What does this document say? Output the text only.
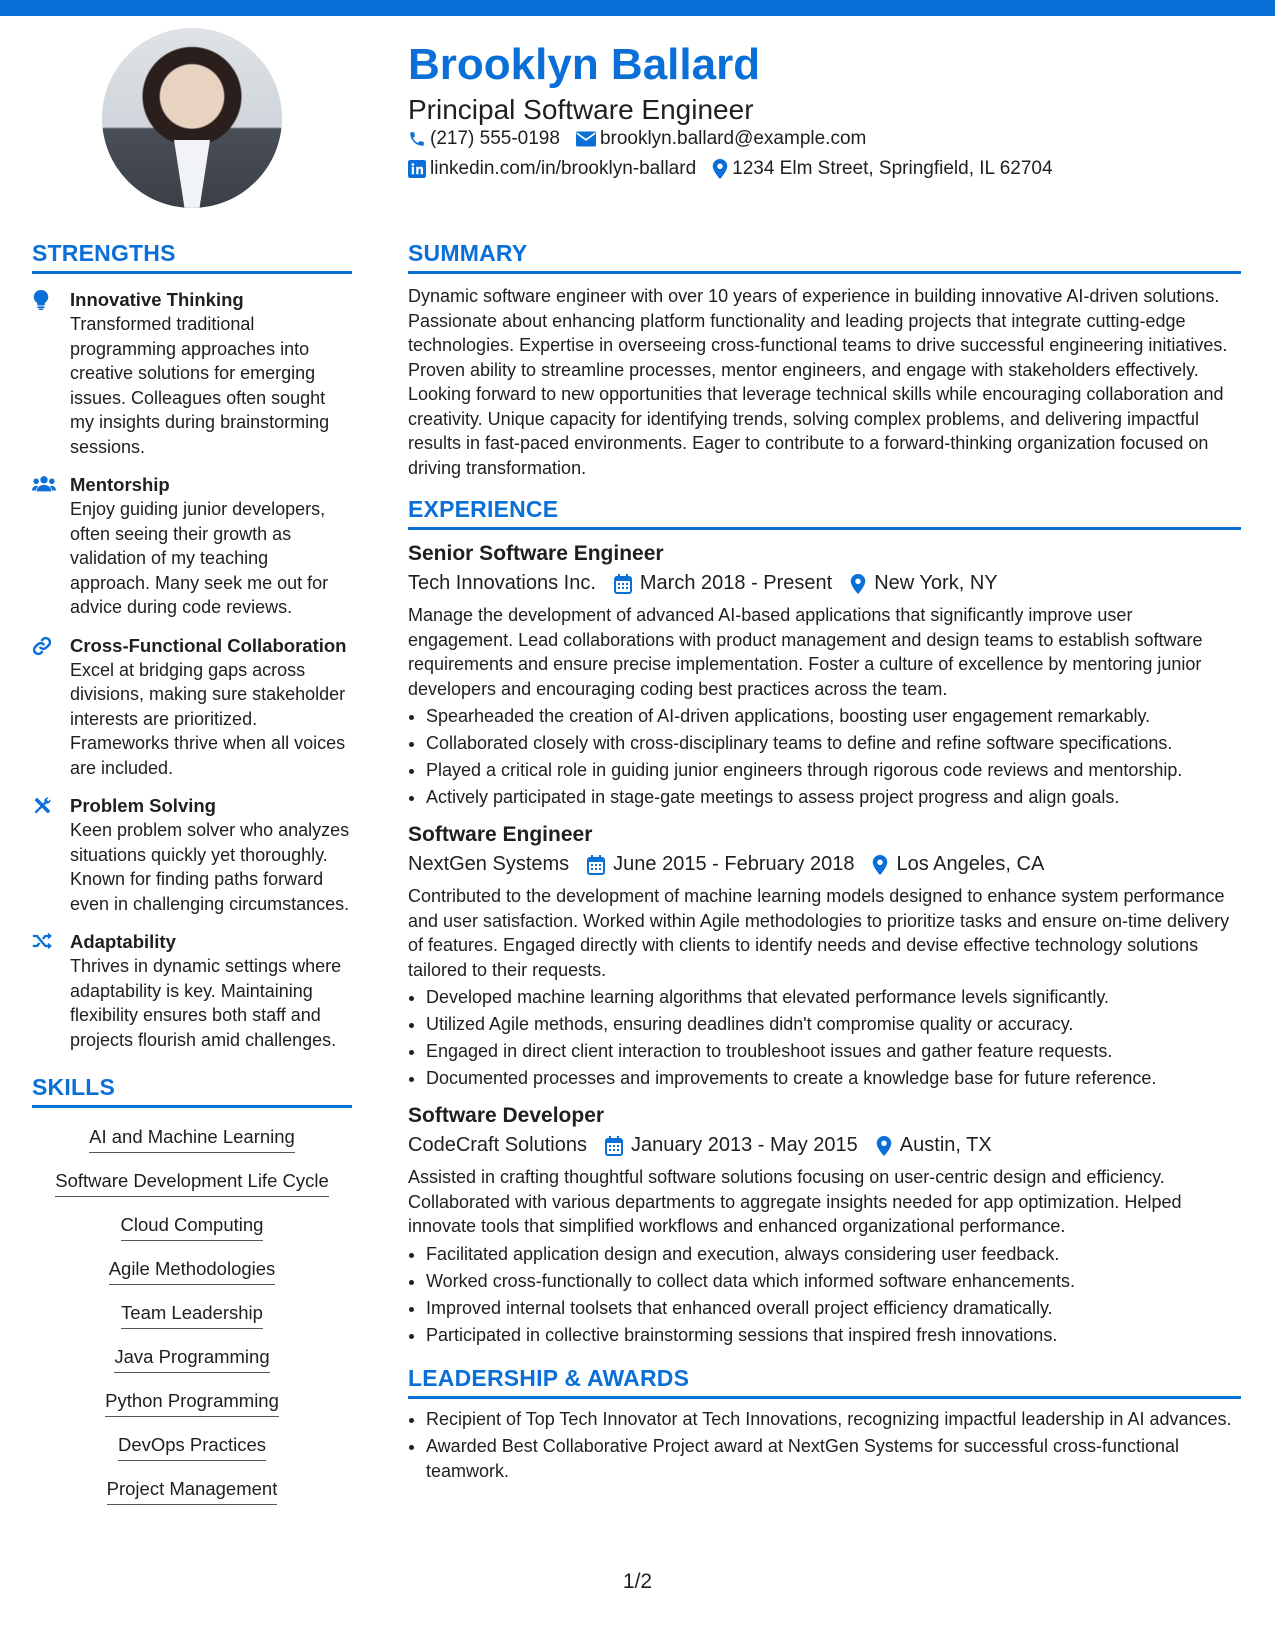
Brooklyn Ballard
Principal Software Engineer
(217) 555-0198 brooklyn.ballard@example.com
linkedin.com/in/brooklyn-ballard 1234 Elm Street, Springfield, IL 62704
STRENGTHS
Innovative Thinking
Transformed traditional programming approaches into creative solutions for emerging issues. Colleagues often sought my insights during brainstorming sessions.
Mentorship
Enjoy guiding junior developers, often seeing their growth as validation of my teaching approach. Many seek me out for advice during code reviews.
Cross-Functional Collaboration
Excel at bridging gaps across divisions, making sure stakeholder interests are prioritized. Frameworks thrive when all voices are included.
Problem Solving
Keen problem solver who analyzes situations quickly yet thoroughly. Known for finding paths forward even in challenging circumstances.
Adaptability
Thrives in dynamic settings where adaptability is key. Maintaining flexibility ensures both staff and projects flourish amid challenges.
SKILLS
AI and Machine Learning
Software Development Life Cycle
Cloud Computing
Agile Methodologies
Team Leadership
Java Programming
Python Programming
DevOps Practices
Project Management
SUMMARY
Dynamic software engineer with over 10 years of experience in building innovative AI-driven solutions. Passionate about enhancing platform functionality and leading projects that integrate cutting-edge technologies. Expertise in overseeing cross-functional teams to drive successful engineering initiatives. Proven ability to streamline processes, mentor engineers, and engage with stakeholders effectively. Looking forward to new opportunities that leverage technical skills while encouraging collaboration and creativity. Unique capacity for identifying trends, solving complex problems, and delivering impactful results in fast-paced environments. Eager to contribute to a forward-thinking organization focused on driving transformation.
EXPERIENCE
Senior Software Engineer
Tech Innovations Inc. March 2018 - Present New York, NY
Manage the development of advanced AI-based applications that significantly improve user engagement. Lead collaborations with product management and design teams to establish software requirements and ensure precise implementation. Foster a culture of excellence by mentoring junior developers and encouraging coding best practices across the team.
• Spearheaded the creation of AI-driven applications, boosting user engagement remarkably.
• Collaborated closely with cross-disciplinary teams to define and refine software specifications.
• Played a critical role in guiding junior engineers through rigorous code reviews and mentorship.
• Actively participated in stage-gate meetings to assess project progress and align goals.
Software Engineer
NextGen Systems June 2015 - February 2018 Los Angeles, CA
Contributed to the development of machine learning models designed to enhance system performance and user satisfaction. Worked within Agile methodologies to prioritize tasks and ensure on-time delivery of features. Engaged directly with clients to identify needs and devise effective technology solutions tailored to their requests.
• Developed machine learning algorithms that elevated performance levels significantly.
• Utilized Agile methods, ensuring deadlines didn't compromise quality or accuracy.
• Engaged in direct client interaction to troubleshoot issues and gather feature requests.
• Documented processes and improvements to create a knowledge base for future reference.
Software Developer
CodeCraft Solutions January 2013 - May 2015 Austin, TX
Assisted in crafting thoughtful software solutions focusing on user-centric design and efficiency. Collaborated with various departments to aggregate insights needed for app optimization. Helped innovate tools that simplified workflows and enhanced organizational performance.
• Facilitated application design and execution, always considering user feedback.
• Worked cross-functionally to collect data which informed software enhancements.
• Improved internal toolsets that enhanced overall project efficiency dramatically.
• Participated in collective brainstorming sessions that inspired fresh innovations.
LEADERSHIP & AWARDS
• Recipient of Top Tech Innovator at Tech Innovations, recognizing impactful leadership in AI advances.
• Awarded Best Collaborative Project award at NextGen Systems for successful cross-functional teamwork.
1/2
